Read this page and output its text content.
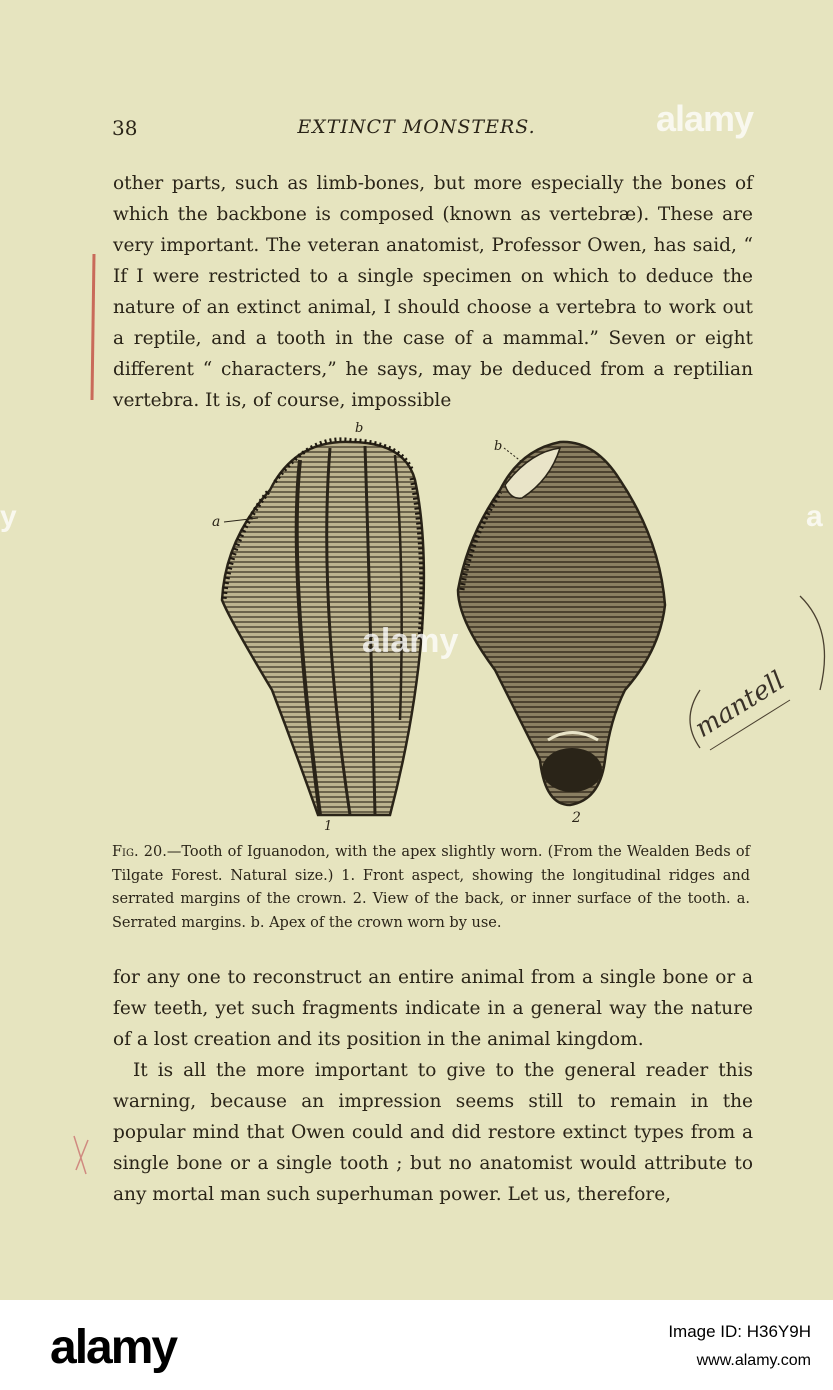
38	EXTINCT MONSTERS.

other parts, such as limb-bones, but more especially the bones of which the backbone is composed (known as vertebræ). These are very important. The veteran anatomist, Professor Owen, has said, “ If I were restricted to a single specimen on which to deduce the nature of an extinct animal, I should choose a vertebra to work out a reptile, and a tooth in the case of a mammal.” Seven or eight different “ characters,” he says, may be deduced from a reptilian vertebra. It is, of course, impossible

b
a
b
1
2
Fig. 20.—Tooth of Iguanodon, with the apex slightly worn. (From the Wealden Beds of Tilgate Forest. Natural size.) 1. Front aspect, showing the longitudinal ridges and serrated margins of the crown. 2. View of the back, or inner surface of the tooth. a. Serrated margins. b. Apex of the crown worn by use.

for any one to reconstruct an entire animal from a single bone or a few teeth, yet such fragments indicate in a general way the nature of a lost creation and its position in the animal kingdom.

It is all the more important to give to the general reader this warning, because an impression seems still to remain in the popular mind that Owen could and did restore extinct types from a single bone or a single tooth ; but no anatomist would attribute to any mortal man such superhuman power. Let us, therefore,

mantell
alamy
y	a
alamy
alamy	Image ID: H36Y9H
www.alamy.com
